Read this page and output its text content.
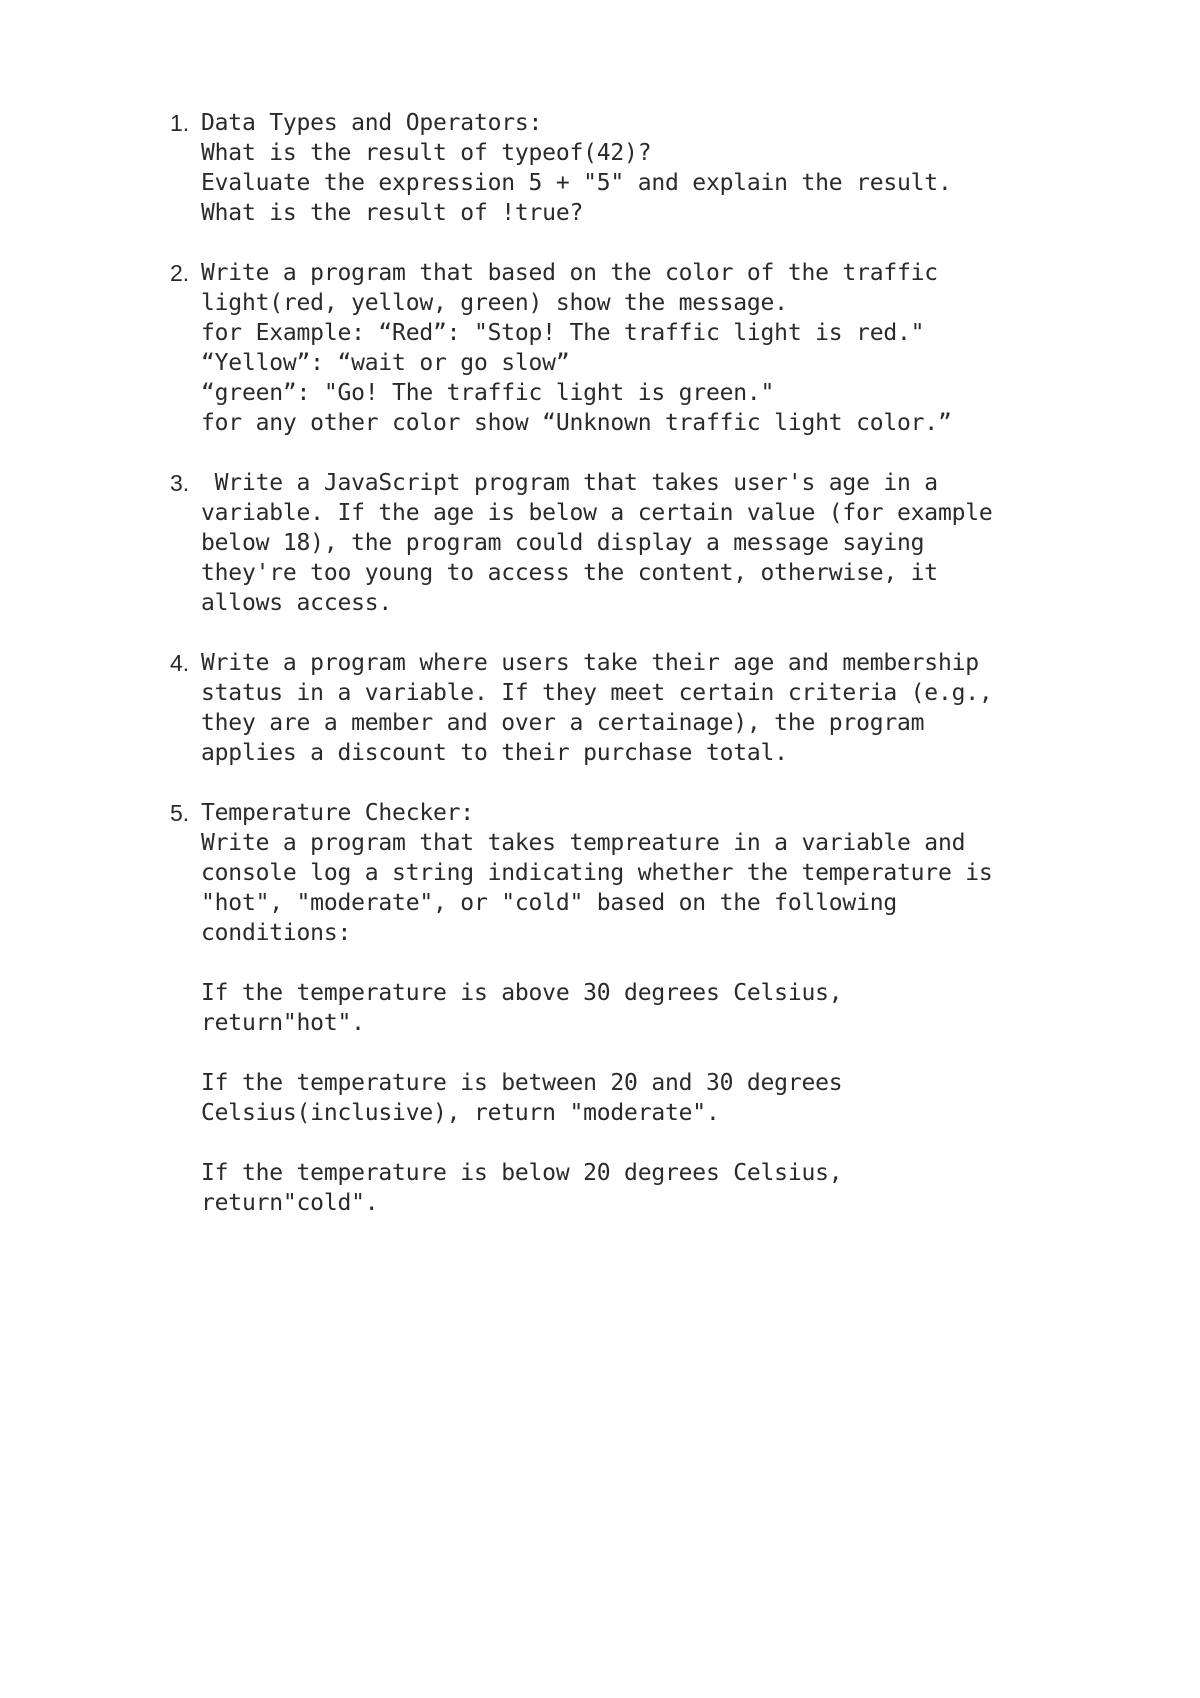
1. Data Types and Operators:
What is the result of typeof(42)?
Evaluate the expression 5 + "5" and explain the result.
What is the result of !true?
2. Write a program that based on the color of the traffic
light(red, yellow, green) show the message.
for Example: “Red”: "Stop! The traffic light is red."
“Yellow”: “wait or go slow”
“green”: "Go! The traffic light is green."
for any other color show “Unknown traffic light color.”
3. Write a JavaScript program that takes user's age in a
variable. If the age is below a certain value (for example
below 18), the program could display a message saying
they're too young to access the content, otherwise, it
allows access.
4. Write a program where users take their age and membership
status in a variable. If they meet certain criteria (e.g.,
they are a member and over a certainage), the program
applies a discount to their purchase total.
5. Temperature Checker:
Write a program that takes tempreature in a variable and
console log a string indicating whether the temperature is
"hot", "moderate", or "cold" based on the following
conditions:
If the temperature is above 30 degrees Celsius,
return"hot".
If the temperature is between 20 and 30 degrees
Celsius(inclusive), return "moderate".
If the temperature is below 20 degrees Celsius,
return"cold".
